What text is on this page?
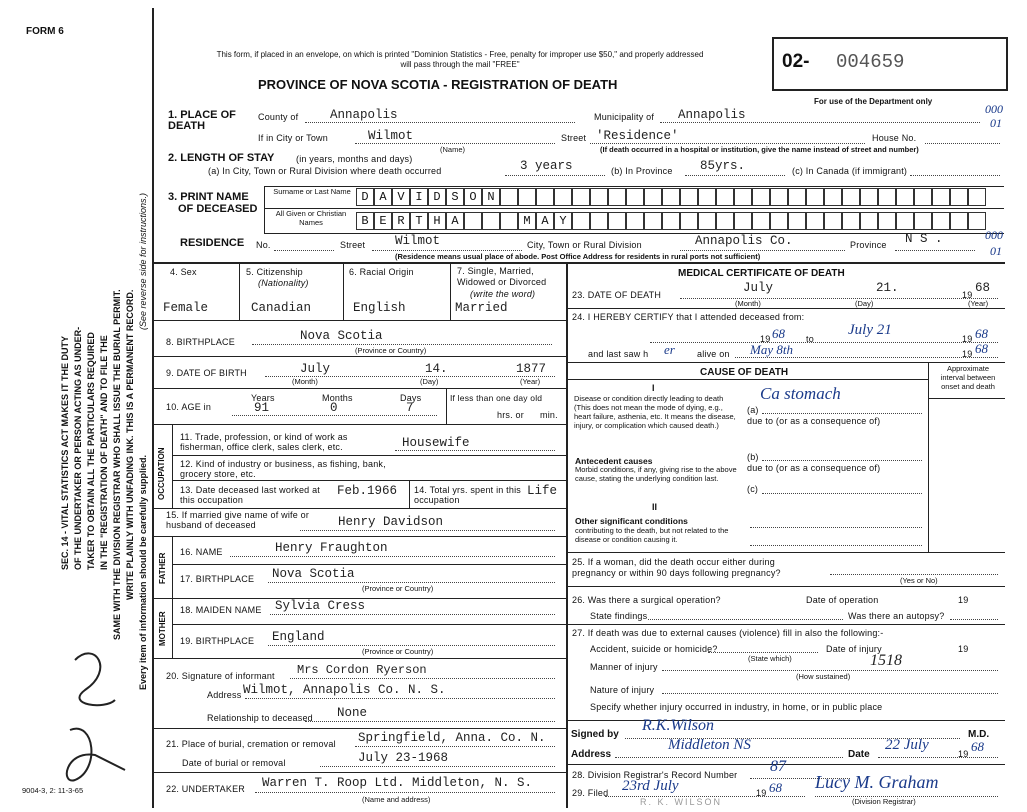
FORM 6
This form, if placed in an envelope, on which is printed "Dominion Statistics - Free, penalty for improper use $50," and properly addressed will pass through the mail "FREE"
PROVINCE OF NOVA SCOTIA - REGISTRATION OF DEATH
02- 004659
For use of the Department only
000
01
SEC. 14 - VITAL STATISTICS ACT MAKES IT THE DUTY OF THE UNDERTAKER OR PERSON ACTING AS UNDER- TAKER TO OBTAIN ALL THE PARTICULARS REQUIRED IN THE "REGISTRATION OF DEATH" AND TO FILE THE SAME WITH THE DIVISION REGISTRAR WHO SHALL ISSUE THE BURIAL PERMIT. WRITE PLAINLY WITH UNFADING INK. THIS IS A PERMANENT RECORD. Every item of information should be carefully supplied.
(See reverse side for instructions.)
1. PLACE OF DEATH
County of	Annapolis	Municipality of Annapolis
If in City or Town	Wilmot
(Name)
Street 'Residence'	House No.
(If death occurred in a hospital or institution, give the name instead of street and number)
2. LENGTH OF STAY (in years, months and days)
(a) In City, Town or Rural Division where death occurred	3 years	(b) In Province 85yrs.	(c) In Canada (if immigrant)
3. PRINT NAME
OF DECEASED
Surname or Last Name
All Given or Christian Names
D A V I D S O N
B E R T H A	M A Y
RESIDENCE No.	Street Wilmot	City, Town or Rural Division	Annapolis Co.	Province N S .	000
01
(Residence means usual place of abode. Post Office Address for residents in rural ports not sufficient)
4. Sex	5. Citizenship
(Nationality)
6. Racial Origin	7. Single, Married, Widowed or Divorced
(write the word)
Female	Canadian	English	Married
8. BIRTHPLACE	Nova Scotia
(Province or Country)
9. DATE OF BIRTH	July	14.	1877
(Month)	(Day)	(Year)
10. AGE in
Years	Months	Days
91	0	7
If less than one day old
hrs. or min.
OCCUPATION
11. Trade, profession, or kind of work as fisherman, office clerk, sales clerk, etc.	Housewife
12. Kind of industry or business, as fishing, bank, grocery store, etc.
13. Date deceased last worked at this occupation
Feb.1966 14. Total yrs. spent in this occupation
Life
15. If married give name of wife or husband of deceased	Henry Davidson
FATHER
16. NAME	Henry Fraughton
17. BIRTHPLACE Nova Scotia
(Province or Country)
MOTHER
18. MAIDEN NAME Sylvia Cress
19. BIRTHPLACE England
(Province or Country)
20. Signature of informant Mrs Cordon Ryerson
Address Wilmot, Annapolis Co. N. S.
Relationship to deceased None
21. Place of burial, cremation or removal Springfield, Anna. Co. N.
Date of burial or removal	July 23-1968
22. UNDERTAKER Warren T. Roop Ltd. Middleton, N. S.
(Name and address)
9004-3, 2: 11-3-65
MEDICAL CERTIFICATE OF DEATH
23. DATE OF DEATH	July	21.	19 68
(Month)	(Day)	(Year)
24. I HEREBY CERTIFY that I attended deceased from:
19 68 to
July 21
19 68
and last saw h er alive on May 8th	19 68
CAUSE OF DEATH	Approximate interval between onset and death
I
Disease or condition directly leading to death (This does not mean the mode of dying, e.g., heart failure, asthenia, etc. It means the disease, injury, or complication which caused death.)
(a)
Ca stomach
due to (or as a consequence of)
Antecedent causes
Morbid conditions, if any, giving rise to the above cause, stating the underlying condition last.
(b)
due to (or as a consequence of)
(c)
II
Other significant conditions
contributing to the death, but not related to the disease or condition causing it.
25. If a woman, did the death occur either during pregnancy or within 90 days following pregnancy?
(Yes or No)
26. Was there a surgical operation?	Date of operation	19
State findings	Was there an autopsy?
27. If death was due to external causes (violence) fill in also the following:-
Accident, suicide or homicide?
(State which)
Date of injury	19
Manner of injury	1518
(How sustained)
Nature of injury
Specify whether injury occurred in industry, in home, or in public place
Signed by
R.K.Wilson
M.D.
Address
Middleton NS
Date
22 July
19 68
28. Division Registrar's Record Number 87
29. Filed 23rd July	19 68 Lucy M. Graham
(Division Registrar)
R. K. WILSON
